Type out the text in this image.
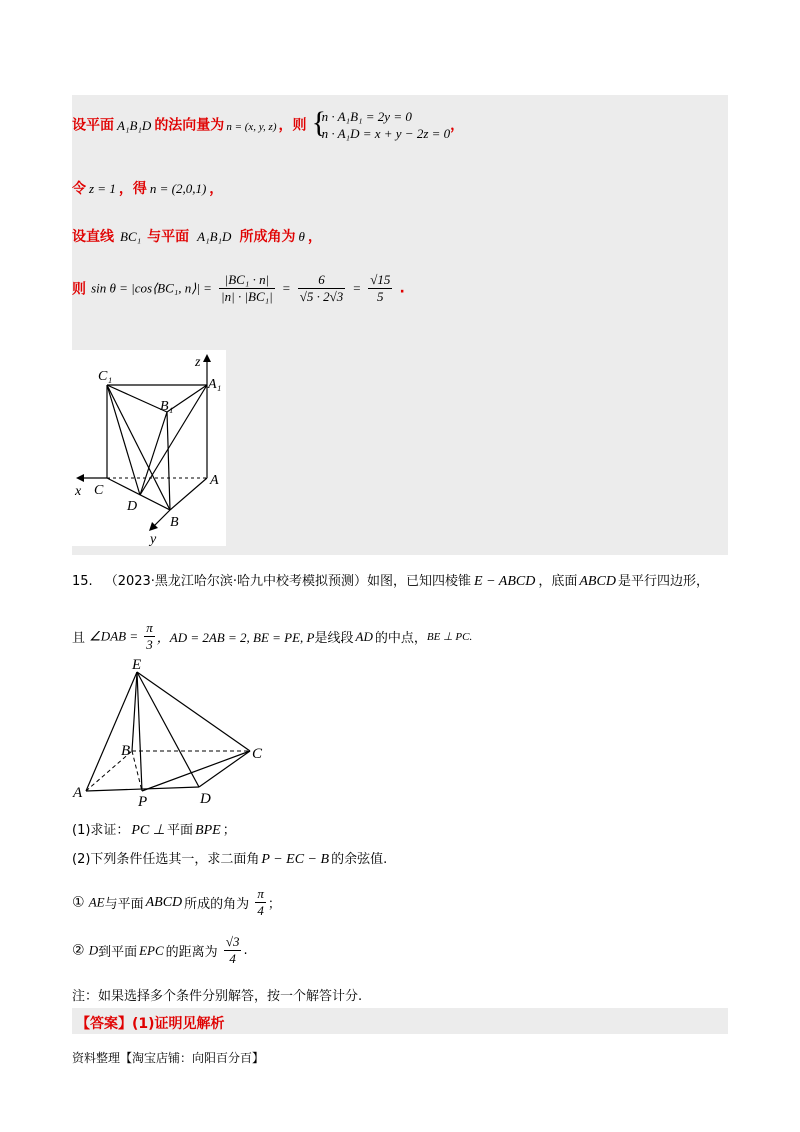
设平面 A₁B₁D 的法向量为 n = (x, y, z) ，则 {
n · A₁B₁ = 2y = 0
n · A₁D = x + y − 2z = 0 ，
令 z = 1 ，得 n = (2,0,1) ，
设直线 BC₁ 与平面 A₁B₁D 所成角为 θ ，
则 sin θ = |cos⟨BC₁, n⟩| = $\frac{\text{|BC₁ · n|}}{\text{|n| · |BC₁|}} = \frac{6}{√5 \cdot 2√3} = \frac{√15}{5}$ .
C₁
A₁
B₁
C
A
B
D
x
y
z
15. （2023·黑龙江哈尔滨·哈九中校考模拟预测）如图，已知四棱锥 E − ABCD ，底面 ABCD 是平行四边形，
且 ∠DAB = $\frac{\pi}{3}$ ，AD = 2AB = 2, BE = PE, P是线段 AD 的中点，BE ⊥ PC.
E
B	C
A
P	D
(1)求证： PC ⊥ 平面 BPE ；
(2)下列条件任选其一，求二面角 P − EC − B 的余弦值.
① AE与平面 ABCD 所成的角为 $\frac{\pi}{4}$ ；
② D到平面 EPC 的距离为 $\frac{√3}{4}$ .
注：如果选择多个条件分别解答，按一个解答计分.
【答案】(1)证明见解析
资料整理【淘宝店铺：向阳百分百】
